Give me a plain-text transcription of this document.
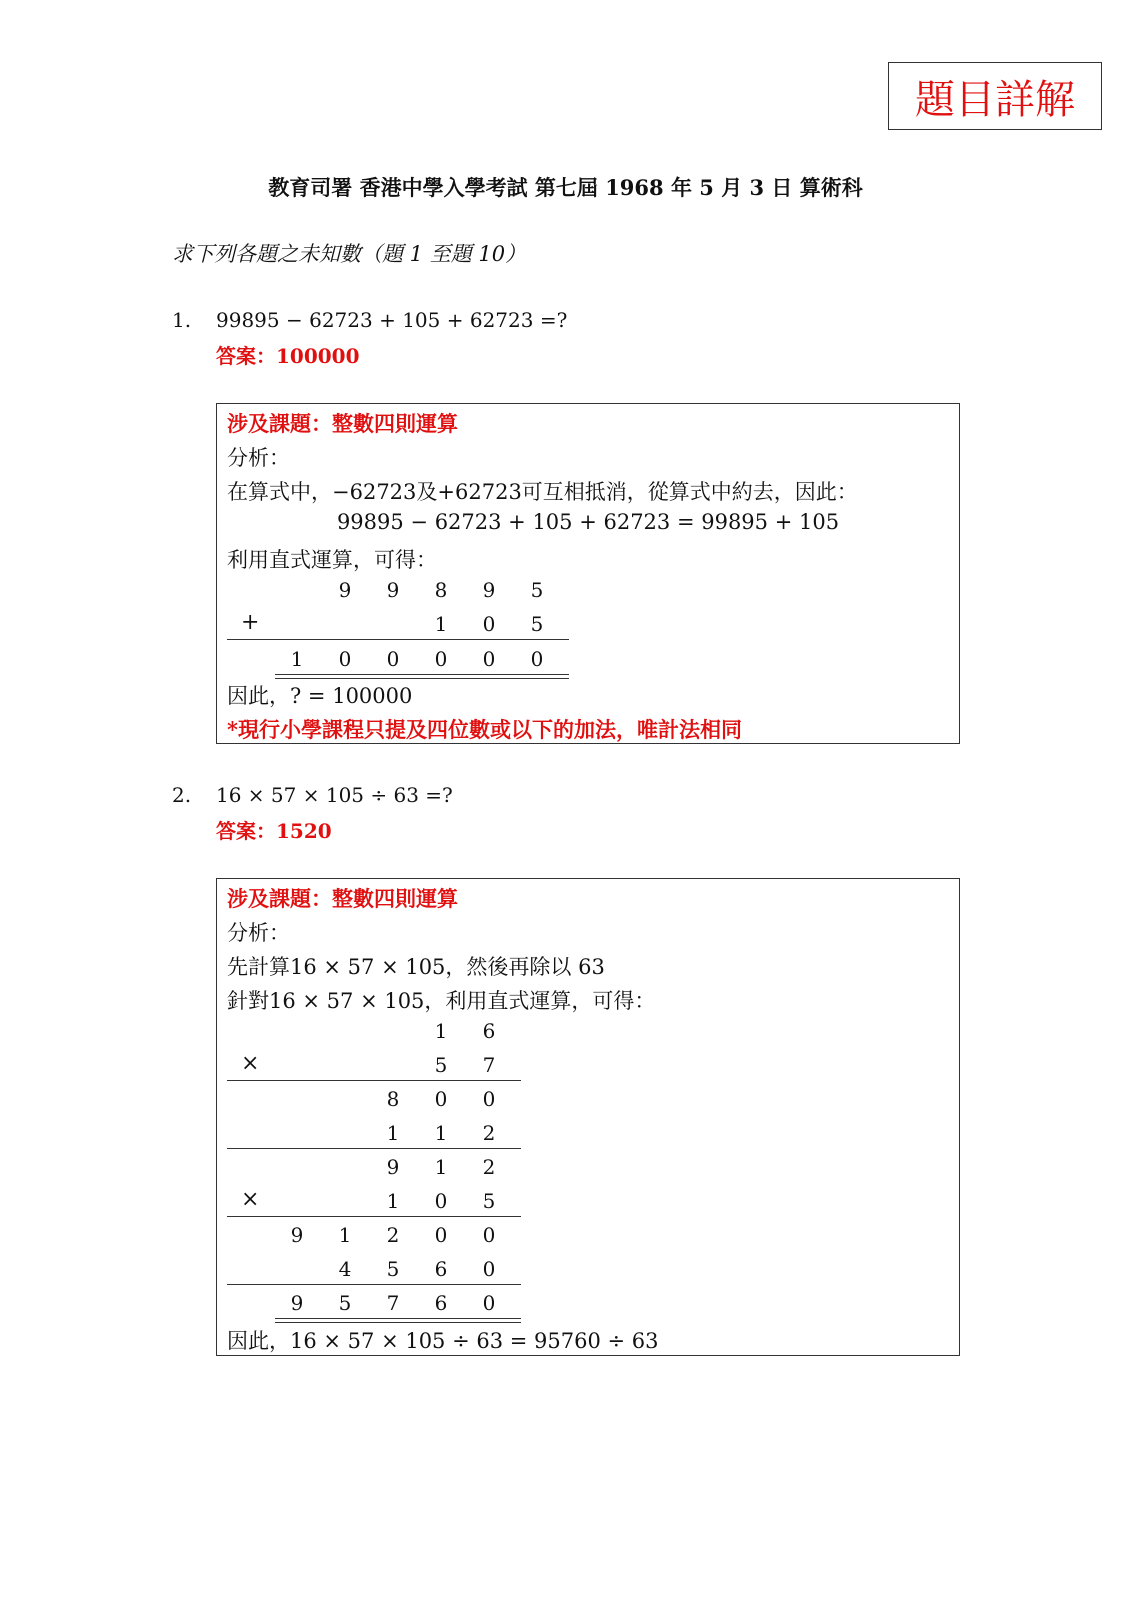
題目詳解
教育司署 香港中學入學考試 第七屆 1968 年 5 月 3 日 算術科
求下列各題之未知數（題 1 至題 10）
1. 99895 − 62723 + 105 + 62723 =?
答案：100000
涉及課題：整數四則運算
分析：
在算式中，−62723及+62723可互相抵消，從算式中約去，因此：
99895 − 62723 + 105 + 62723 = 99895 + 105
利用直式運算，可得：
9 9 8 9 5
+	1 0 5
1 0 0 0 0 0
因此，? = 100000
*現行小學課程只提及四位數或以下的加法，唯計法相同
2. 16 × 57 × 105 ÷ 63 =?
答案：1520
涉及課題：整數四則運算
分析：
先計算16 × 57 × 105，然後再除以 63
針對16 × 57 × 105，利用直式運算，可得：
1 6
×	5 7
8 0 0
1 1 2
9 1 2
×	1 0 5
9 1 2 0 0
4 5 6 0
9 5 7 6 0
因此，16 × 57 × 105 ÷ 63 = 95760 ÷ 63
